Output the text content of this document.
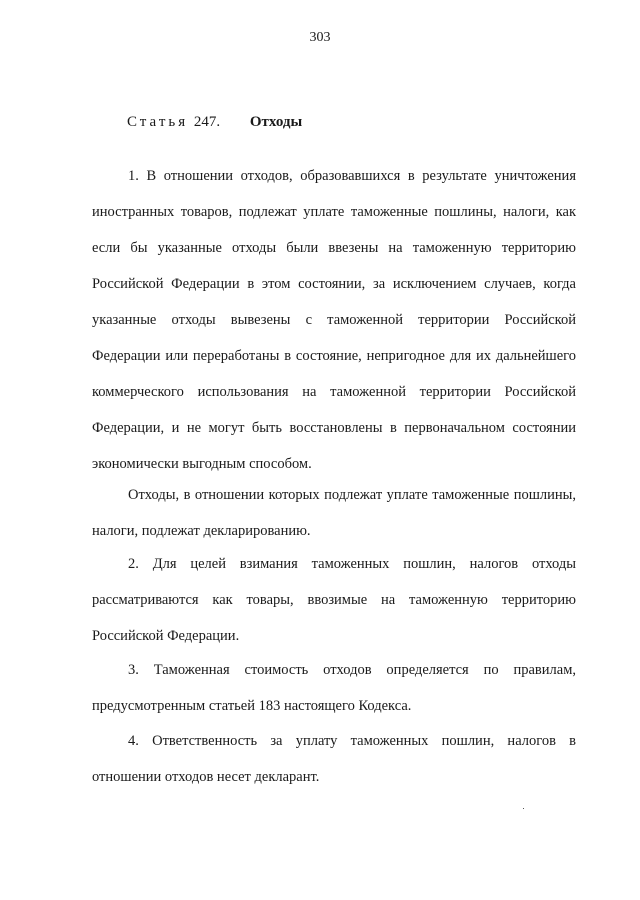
303
Статья 247. Отходы

1. В отношении отходов, образовавшихся в результате уничтожения иностранных товаров, подлежат уплате таможенные пошлины, налоги, как если бы указанные отходы были ввезены на таможенную территорию Российской Федерации в этом состоянии, за исключением случаев, когда указанные отходы вывезены с таможенной территории Российской Федерации или переработаны в состояние, непригодное для их дальнейшего коммерческого использования на таможенной территории Российской Федерации, и не могут быть восстановлены в первоначальном состоянии экономически выгодным способом.

Отходы, в отношении которых подлежат уплате таможенные пошлины, налоги, подлежат декларированию.

2. Для целей взимания таможенных пошлин, налогов отходы рассматриваются как товары, ввозимые на таможенную территорию Российской Федерации.

3. Таможенная стоимость отходов определяется по правилам, предусмотренным статьей 183 настоящего Кодекса.

4. Ответственность за уплату таможенных пошлин, налогов в отношении отходов несет декларант.
